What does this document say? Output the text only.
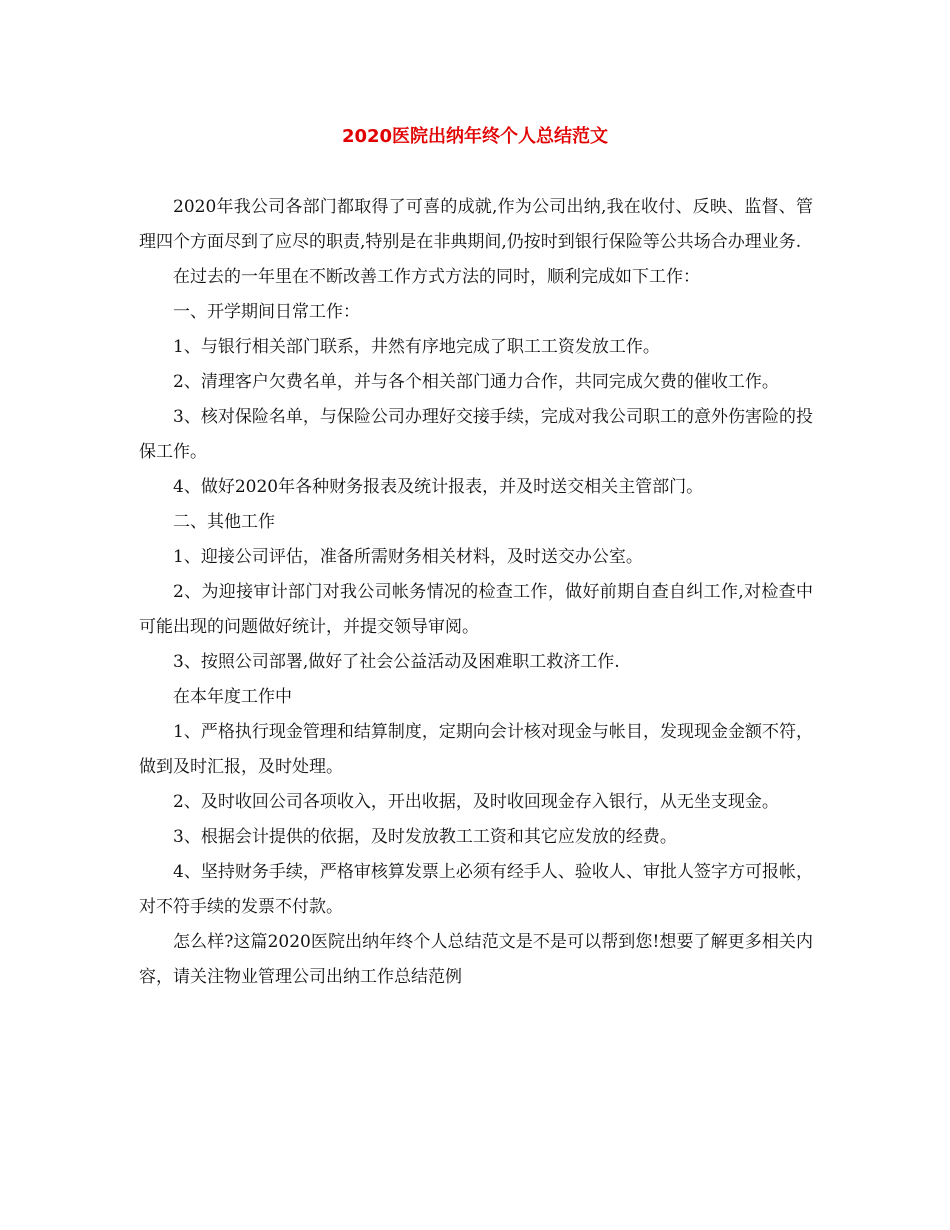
2020医院出纳年终个人总结范文

2020年我公司各部门都取得了可喜的成就,作为公司出纳,我在收付、反映、监督、管理四个方面尽到了应尽的职责,特别是在非典期间,仍按时到银行保险等公共场合办理业务.

在过去的一年里在不断改善工作方式方法的同时，顺利完成如下工作：

一、开学期间日常工作：

1、与银行相关部门联系，井然有序地完成了职工工资发放工作。

2、清理客户欠费名单，并与各个相关部门通力合作，共同完成欠费的催收工作。

3、核对保险名单，与保险公司办理好交接手续，完成对我公司职工的意外伤害险的投保工作。

4、做好2020年各种财务报表及统计报表，并及时送交相关主管部门。

二、其他工作

1、迎接公司评估，准备所需财务相关材料，及时送交办公室。

2、为迎接审计部门对我公司帐务情况的检查工作，做好前期自查自纠工作,对检查中可能出现的问题做好统计，并提交领导审阅。

3、按照公司部署,做好了社会公益活动及困难职工救济工作.

在本年度工作中

1、严格执行现金管理和结算制度，定期向会计核对现金与帐目，发现现金金额不符，做到及时汇报，及时处理。

2、及时收回公司各项收入，开出收据，及时收回现金存入银行，从无坐支现金。

3、根据会计提供的依据，及时发放教工工资和其它应发放的经费。

4、坚持财务手续，严格审核算发票上必须有经手人、验收人、审批人签字方可报帐，对不符手续的发票不付款。

怎么样?这篇2020医院出纳年终个人总结范文是不是可以帮到您!想要了解更多相关内容，请关注物业管理公司出纳工作总结范例
